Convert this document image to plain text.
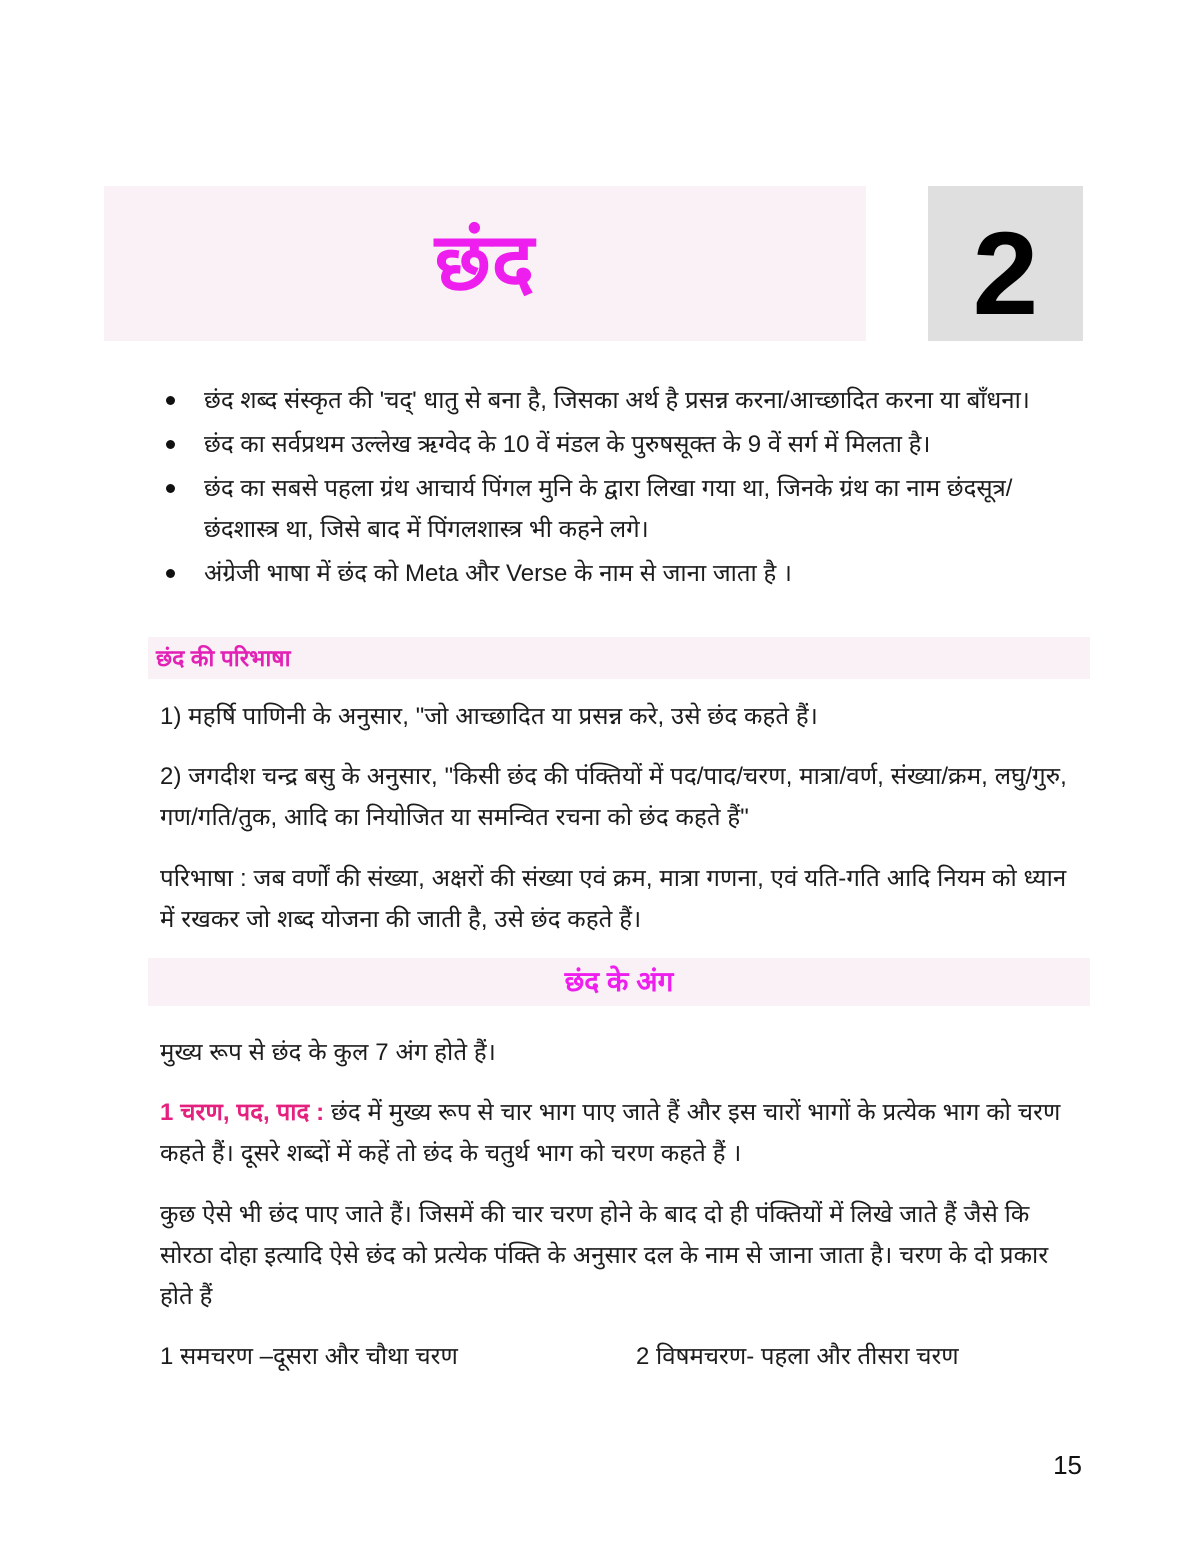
छंद	2
छंद शब्द संस्कृत की 'चद्' धातु से बना है, जिसका अर्थ है प्रसन्न करना/आच्छादित करना या बाँधना।
छंद का सर्वप्रथम उल्लेख ऋग्वेद के 10 वें मंडल के पुरुषसूक्त के 9 वें सर्ग में मिलता है।
छंद का सबसे पहला ग्रंथ आचार्य पिंगल मुनि के द्वारा लिखा गया था, जिनके ग्रंथ का नाम छंदसूत्र/छंदशास्त्र था, जिसे बाद में पिंगलशास्त्र भी कहने लगे।
अंग्रेजी भाषा में छंद को Meta और Verse के नाम से जाना जाता है ।
छंद की परिभाषा
1) महर्षि पाणिनी के अनुसार, "जो आच्छादित या प्रसन्न करे, उसे छंद कहते हैं।
2) जगदीश चन्द्र बसु के अनुसार, "किसी छंद की पंक्तियों में पद/पाद/चरण, मात्रा/वर्ण, संख्या/क्रम, लघु/गुरु, गण/गति/तुक, आदि का नियोजित या समन्वित रचना को छंद कहते हैं"
परिभाषा : जब वर्णों की संख्या, अक्षरों की संख्या एवं क्रम, मात्रा गणना, एवं यति-गति आदि नियम को ध्यान में रखकर जो शब्द योजना की जाती है, उसे छंद कहते हैं।
छंद के अंग
मुख्य रूप से छंद के कुल 7 अंग होते हैं।
1 चरण, पद, पाद : छंद में मुख्य रूप से चार भाग पाए जाते हैं और इस चारों भागों के प्रत्येक भाग को चरण कहते हैं। दूसरे शब्दों में कहें तो छंद के चतुर्थ भाग को चरण कहते हैं ।
कुछ ऐसे भी छंद पाए जाते हैं। जिसमें की चार चरण होने के बाद दो ही पंक्तियों में लिखे जाते हैं जैसे कि सोरठा दोहा इत्यादि ऐसे छंद को प्रत्येक पंक्ति के अनुसार दल के नाम से जाना जाता है। चरण के दो प्रकार होते हैं
1 समचरण –दूसरा और चौथा चरण	2 विषमचरण- पहला और तीसरा चरण
15
